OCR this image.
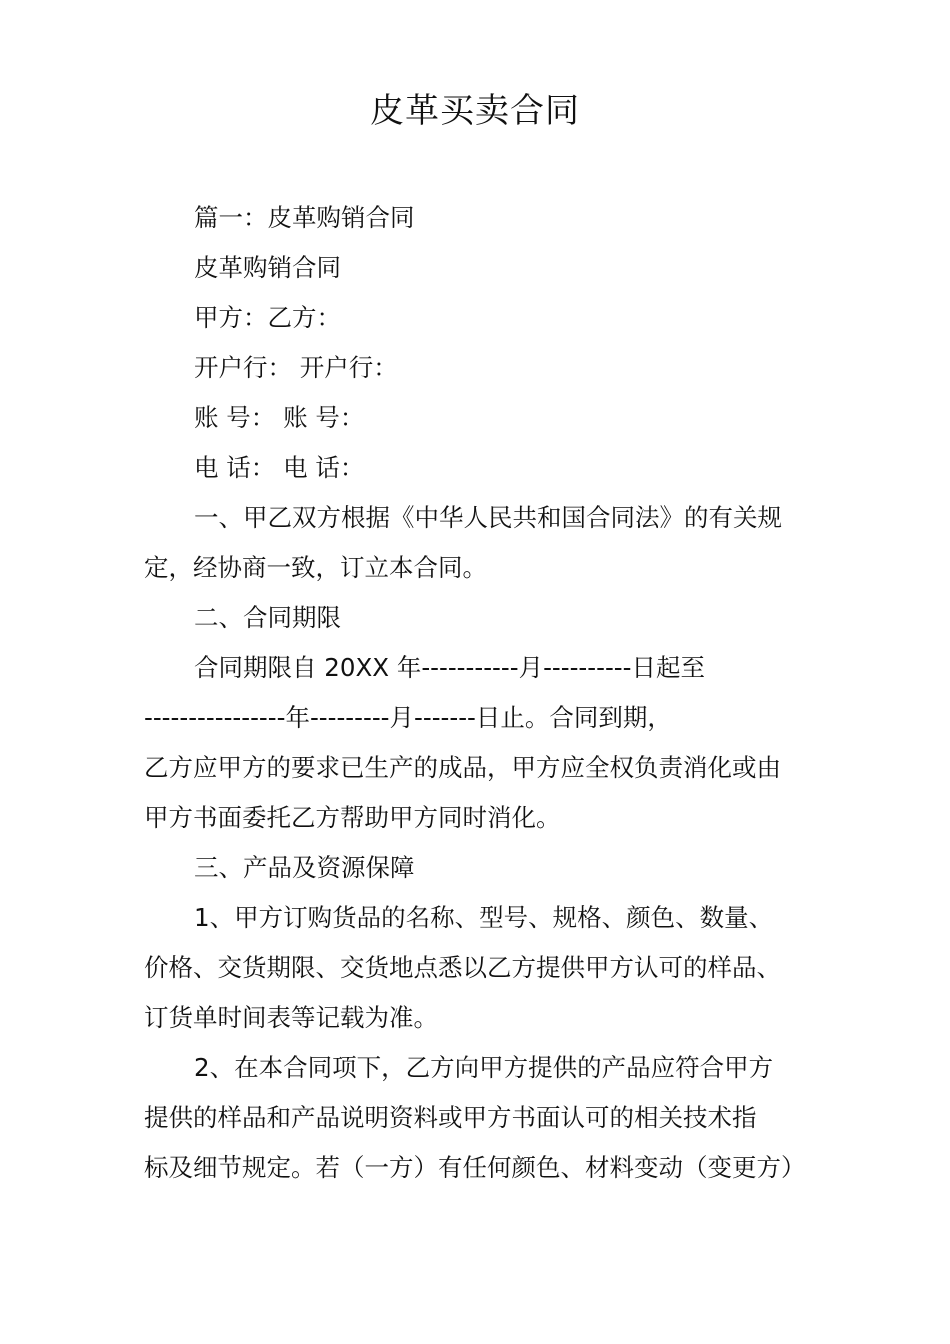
皮革买卖合同
篇一：皮革购销合同
皮革购销合同
甲方：乙方：
开户行： 开户行：
账 号： 账 号：
电 话： 电 话：
一、甲乙双方根据《中华人民共和国合同法》的有关规
定，经协商一致，订立本合同。
二、合同期限
合同期限自 20XX 年-----------月----------日起至
----------------年---------月-------日止。合同到期，
乙方应甲方的要求已生产的成品，甲方应全权负责消化或由
甲方书面委托乙方帮助甲方同时消化。
三、产品及资源保障
1、甲方订购货品的名称、型号、规格、颜色、数量、
价格、交货期限、交货地点悉以乙方提供甲方认可的样品、
订货单时间表等记载为准。
2、在本合同项下，乙方向甲方提供的产品应符合甲方
提供的样品和产品说明资料或甲方书面认可的相关技术指
标及细节规定。若（一方）有任何颜色、材料变动（变更方）
